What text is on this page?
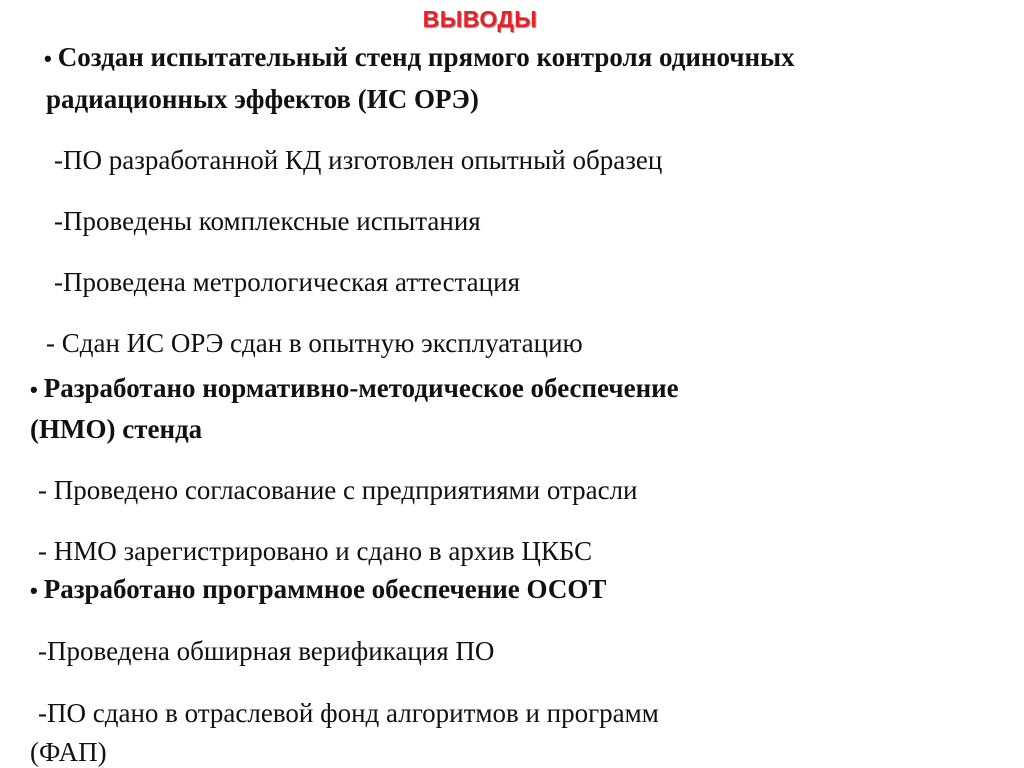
ВЫВОДЫ
• Создан испытательный стенд прямого контроля одиночных
радиационных эффектов (ИС ОРЭ)
-ПО разработанной КД изготовлен опытный образец
-Проведены комплексные испытания
-Проведена метрологическая аттестация
- Сдан ИС ОРЭ сдан в опытную эксплуатацию
• Разработано нормативно-методическое обеспечение
(НМО) стенда
- Проведено согласование с предприятиями отрасли
- НМО зарегистрировано и сдано в архив ЦКБС
• Разработано программное обеспечение ОСОТ
-Проведена обширная верификация ПО
-ПО сдано в отраслевой фонд алгоритмов и программ
(ФАП)
